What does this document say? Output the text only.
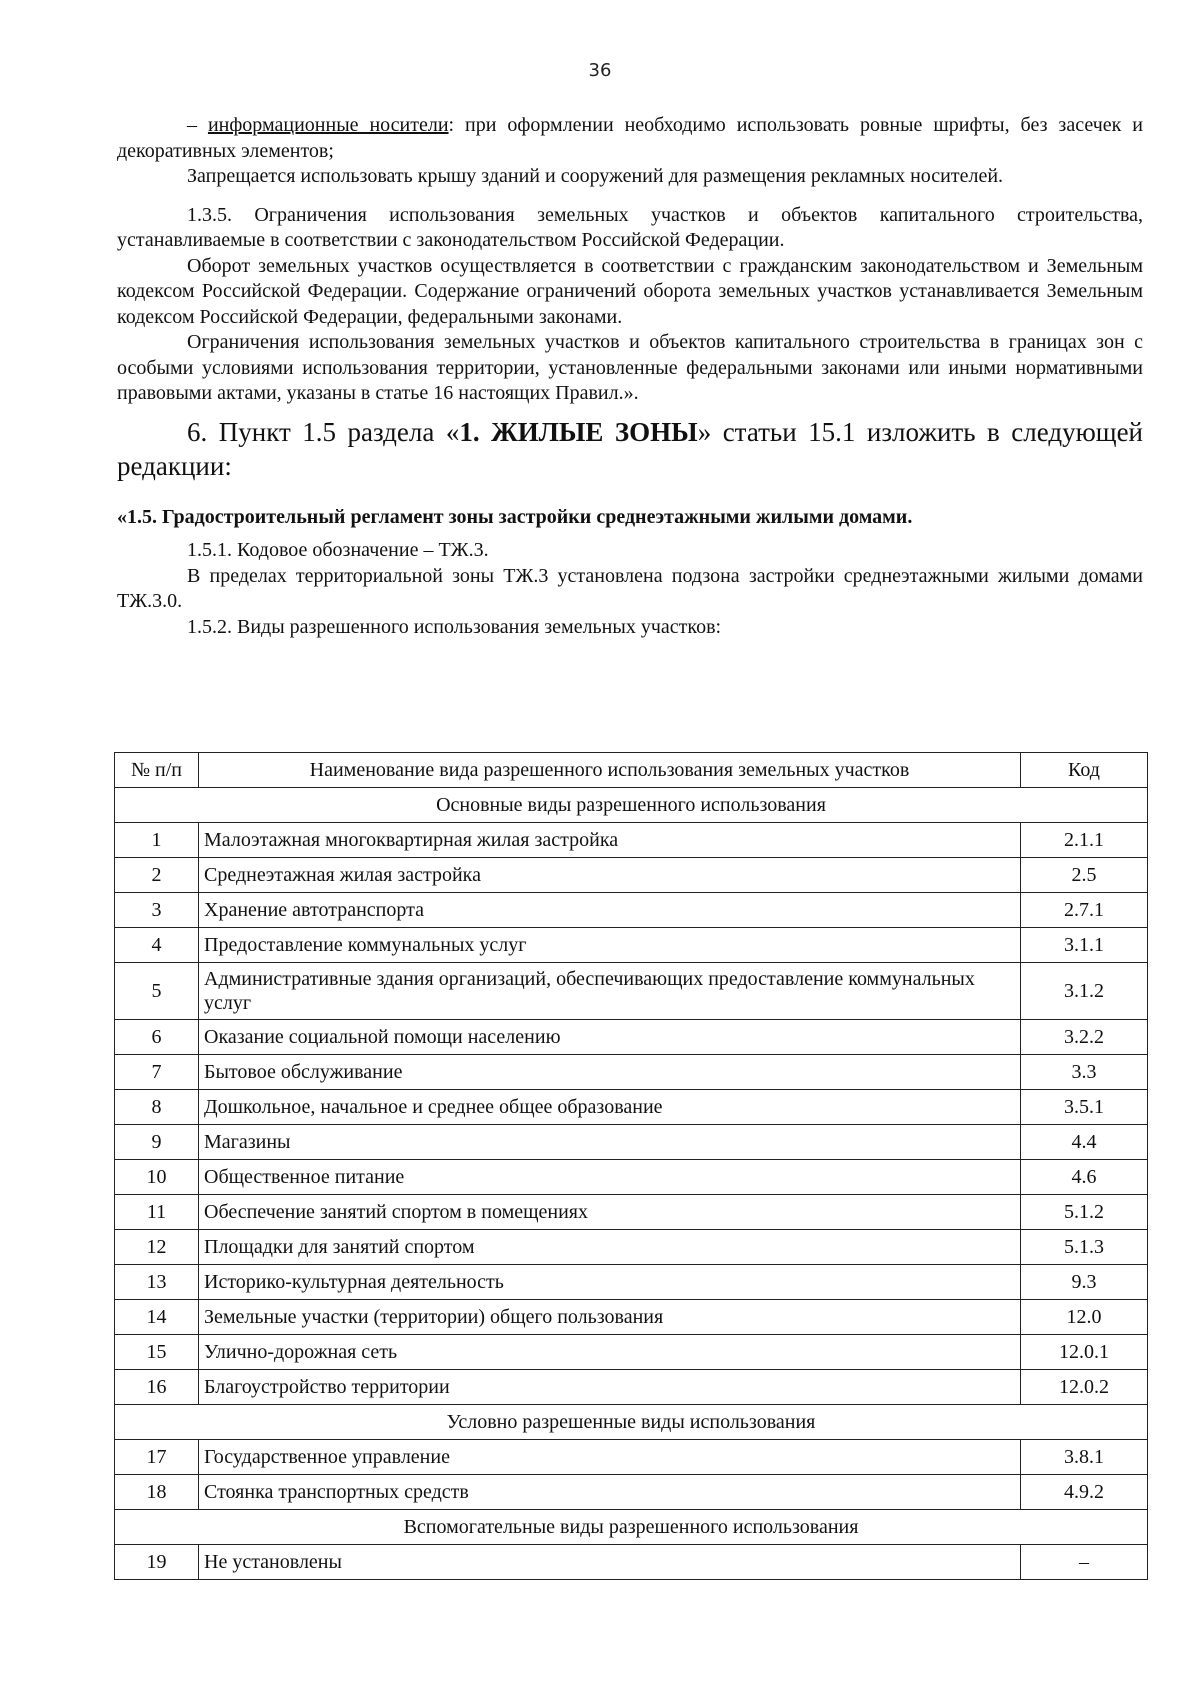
36

– информационные носители: при оформлении необходимо использовать ровные шрифты, без засечек и декоративных элементов;

Запрещается использовать крышу зданий и сооружений для размещения рекламных носителей.

1.3.5. Ограничения использования земельных участков и объектов капитального строительства, устанавливаемые в соответствии с законодательством Российской Федерации.

Оборот земельных участков осуществляется в соответствии с гражданским законодательством и Земельным кодексом Российской Федерации. Содержание ограничений оборота земельных участков устанавливается Земельным кодексом Российской Федерации, федеральными законами.

Ограничения использования земельных участков и объектов капитального строительства в границах зон с особыми условиями использования территории, установленные федеральными законами или иными нормативными правовыми актами, указаны в статье 16 настоящих Правил.».

6. Пункт 1.5 раздела «1. ЖИЛЫЕ ЗОНЫ» статьи 15.1 изложить в следующей редакции:

«1.5. Градостроительный регламент зоны застройки среднеэтажными жилыми домами.

1.5.1. Кодовое обозначение – ТЖ.3.

В пределах территориальной зоны ТЖ.3 установлена подзона застройки среднеэтажными жилыми домами ТЖ.3.0.

1.5.2. Виды разрешенного использования земельных участков:

№ п/п	Наименование вида разрешенного использования земельных участков	Код
Основные виды разрешенного использования		
1	Малоэтажная многоквартирная жилая застройка	2.1.1
2	Среднеэтажная жилая застройка	2.5
3	Хранение автотранспорта	2.7.1
4	Предоставление коммунальных услуг	3.1.1
5	Административные здания организаций, обеспечивающих предоставление коммунальных услуг	3.1.2
6	Оказание социальной помощи населению	3.2.2
7	Бытовое обслуживание	3.3
8	Дошкольное, начальное и среднее общее образование	3.5.1
9	Магазины	4.4
10	Общественное питание	4.6
11	Обеспечение занятий спортом в помещениях	5.1.2
12	Площадки для занятий спортом	5.1.3
13	Историко-культурная деятельность	9.3
14	Земельные участки (территории) общего пользования	12.0
15	Улично-дорожная сеть	12.0.1
16	Благоустройство территории	12.0.2
Условно разрешенные виды использования		
17	Государственное управление	3.8.1
18	Стоянка транспортных средств	4.9.2
Вспомогательные виды разрешенного использования		
19	Не установлены	–
